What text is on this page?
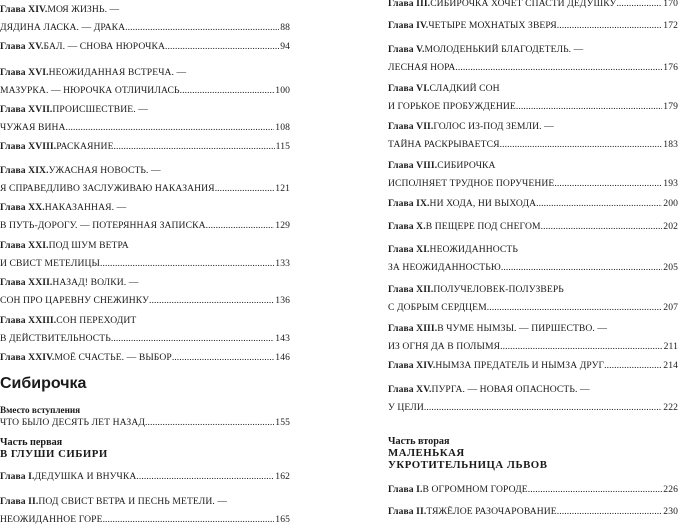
Глава XIV. МОЯ ЖИЗНЬ. —
ДЯДИНА ЛАСКА. — ДРАКА .....	88
Глава XV. БАЛ. — СНОВА НЮРОЧКА .....	94
Глава XVI. НЕОЖИДАННАЯ ВСТРЕЧА. —
МАЗУРКА. — НЮРОЧКА ОТЛИЧИЛАСЬ .....	100
Глава XVII. ПРОИСШЕСТВИЕ. —
ЧУЖАЯ ВИНА .....	108
Глава XVIII. РАСКАЯНИЕ .....	115
Глава XIX. УЖАСНАЯ НОВОСТЬ. —
Я СПРАВЕДЛИВО ЗАСЛУЖИВАЮ НАКАЗАНИЯ .....	121
Глава XX. НАКАЗАННАЯ. —
В ПУТЬ-ДОРОГУ. — ПОТЕРЯННАЯ ЗАПИСКА .....	129
Глава XXI. ПОД ШУМ ВЕТРА
И СВИСТ МЕТЕЛИЦЫ .....	133
Глава XXII. НАЗАД! ВОЛКИ. —
СОН ПРО ЦАРЕВНУ СНЕЖИНКУ .....	136
Глава XXIII. СОН ПЕРЕХОДИТ
В ДЕЙСТВИТЕЛЬНОСТЬ .....	143
Глава XXIV. МОЁ СЧАСТЬЕ. — ВЫБОР .....	146
Сибирочка
Вместо вступления
ЧТО БЫЛО ДЕСЯТЬ ЛЕТ НАЗАД .....	155
Часть первая
В ГЛУШИ СИБИРИ
Глава I. ДЕДУШКА И ВНУЧКА .....	162
Глава II. ПОД СВИСТ ВЕТРА И ПЕСНЬ МЕТЕЛИ. —
НЕОЖИДАННОЕ ГОРЕ .....	165
Глава III. СИБИРОЧКА ХОЧЕТ СПАСТИ ДЕДУШКУ .....	170
Глава IV. ЧЕТЫРЕ МОХНАТЫХ ЗВЕРЯ .....	172
Глава V. МОЛОДЕНЬКИЙ БЛАГОДЕТЕЛЬ. —
ЛЕСНАЯ НОРА .....	176
Глава VI. СЛАДКИЙ СОН
И ГОРЬКОЕ ПРОБУЖДЕНИЕ .....	179
Глава VII. ГОЛОС ИЗ-ПОД ЗЕМЛИ. —
ТАЙНА РАСКРЫВАЕТСЯ .....	183
Глава VIII. СИБИРОЧКА
ИСПОЛНЯЕТ ТРУДНОЕ ПОРУЧЕНИЕ .....	193
Глава IX. НИ ХОДА, НИ ВЫХОДА .....	200
Глава X. В ПЕЩЕРЕ ПОД СНЕГОМ .....	202
Глава XI. НЕОЖИДАННОСТЬ
ЗА НЕОЖИДАННОСТЬЮ .....	205
Глава XII. ПОЛУЧЕЛОВЕК-ПОЛУЗВЕРЬ
С ДОБРЫМ СЕРДЦЕМ .....	207
Глава XIII. В ЧУМЕ НЫМЗЫ. — ПИРШЕСТВО. —
ИЗ ОГНЯ ДА В ПОЛЫМЯ .....	211
Глава XIV. НЫМЗА ПРЕДАТЕЛЬ И НЫМЗА ДРУГ .....	214
Глава XV. ПУРГА. — НОВАЯ ОПАСНОСТЬ. —
У ЦЕЛИ .....	222
Часть вторая
МАЛЕНЬКАЯ
УКРОТИТЕЛЬНИЦА ЛЬВОВ
Глава I. В ОГРОМНОМ ГОРОДЕ .....	226
Глава II. ТЯЖЁЛОЕ РАЗОЧАРОВАНИЕ .....	230
